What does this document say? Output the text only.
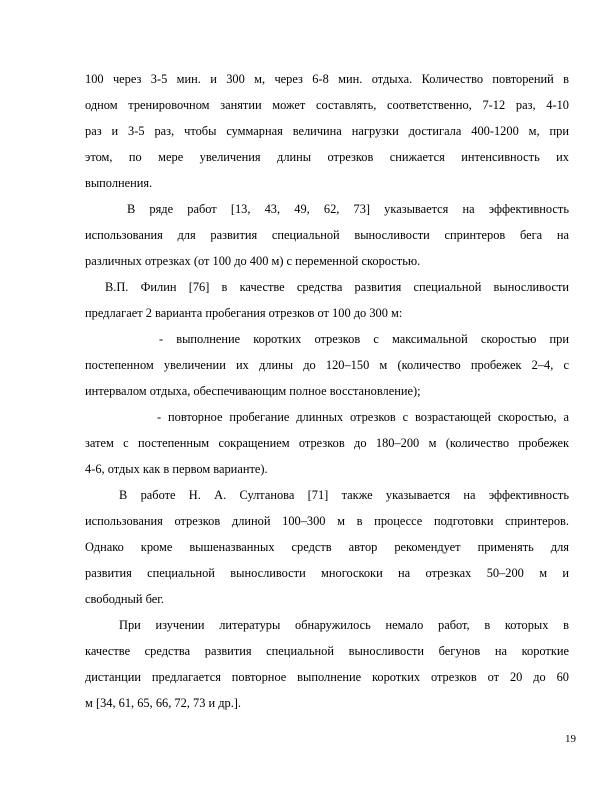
100 через 3-5 мин. и 300 м, через 6-8 мин. отдыха. Количество повторений в
одном тренировочном занятии может составлять, соответственно, 7-12 раз, 4-10
раз и 3-5 раз, чтобы суммарная величина нагрузки достигала 400-1200 м, при
этом, по мере увеличения длины отрезков снижается интенсивность их
выполнения.
В ряде работ [13, 43, 49, 62, 73] указывается на эффективность
использования для развития специальной выносливости спринтеров бега на
различных отрезках (от 100 до 400 м) с переменной скоростью.
В.П. Филин [76] в качестве средства развития специальной выносливости
предлагает 2 варианта пробегания отрезков от 100 до 300 м:
- выполнение коротких отрезков с максимальной скоростью при
постепенном увеличении их длины до 120–150 м (количество пробежек 2–4, с
интервалом отдыха, обеспечивающим полное восстановление);
- повторное пробегание длинных отрезков с возрастающей скоростью, а
затем с постепенным сокращением отрезков до 180–200 м (количество пробежек
4-6, отдых как в первом варианте).
В работе Н. А. Султанова [71] также указывается на эффективность
использования отрезков длиной 100–300 м в процессе подготовки спринтеров.
Однако кроме вышеназванных средств автор рекомендует применять для
развития специальной выносливости многоскоки на отрезках 50–200 м и
свободный бег.
При изучении литературы обнаружилось немало работ, в которых в
качестве средства развития специальной выносливости бегунов на короткие
дистанции предлагается повторное выполнение коротких отрезков от 20 до 60
м [34, 61, 65, 66, 72, 73 и др.].
19
